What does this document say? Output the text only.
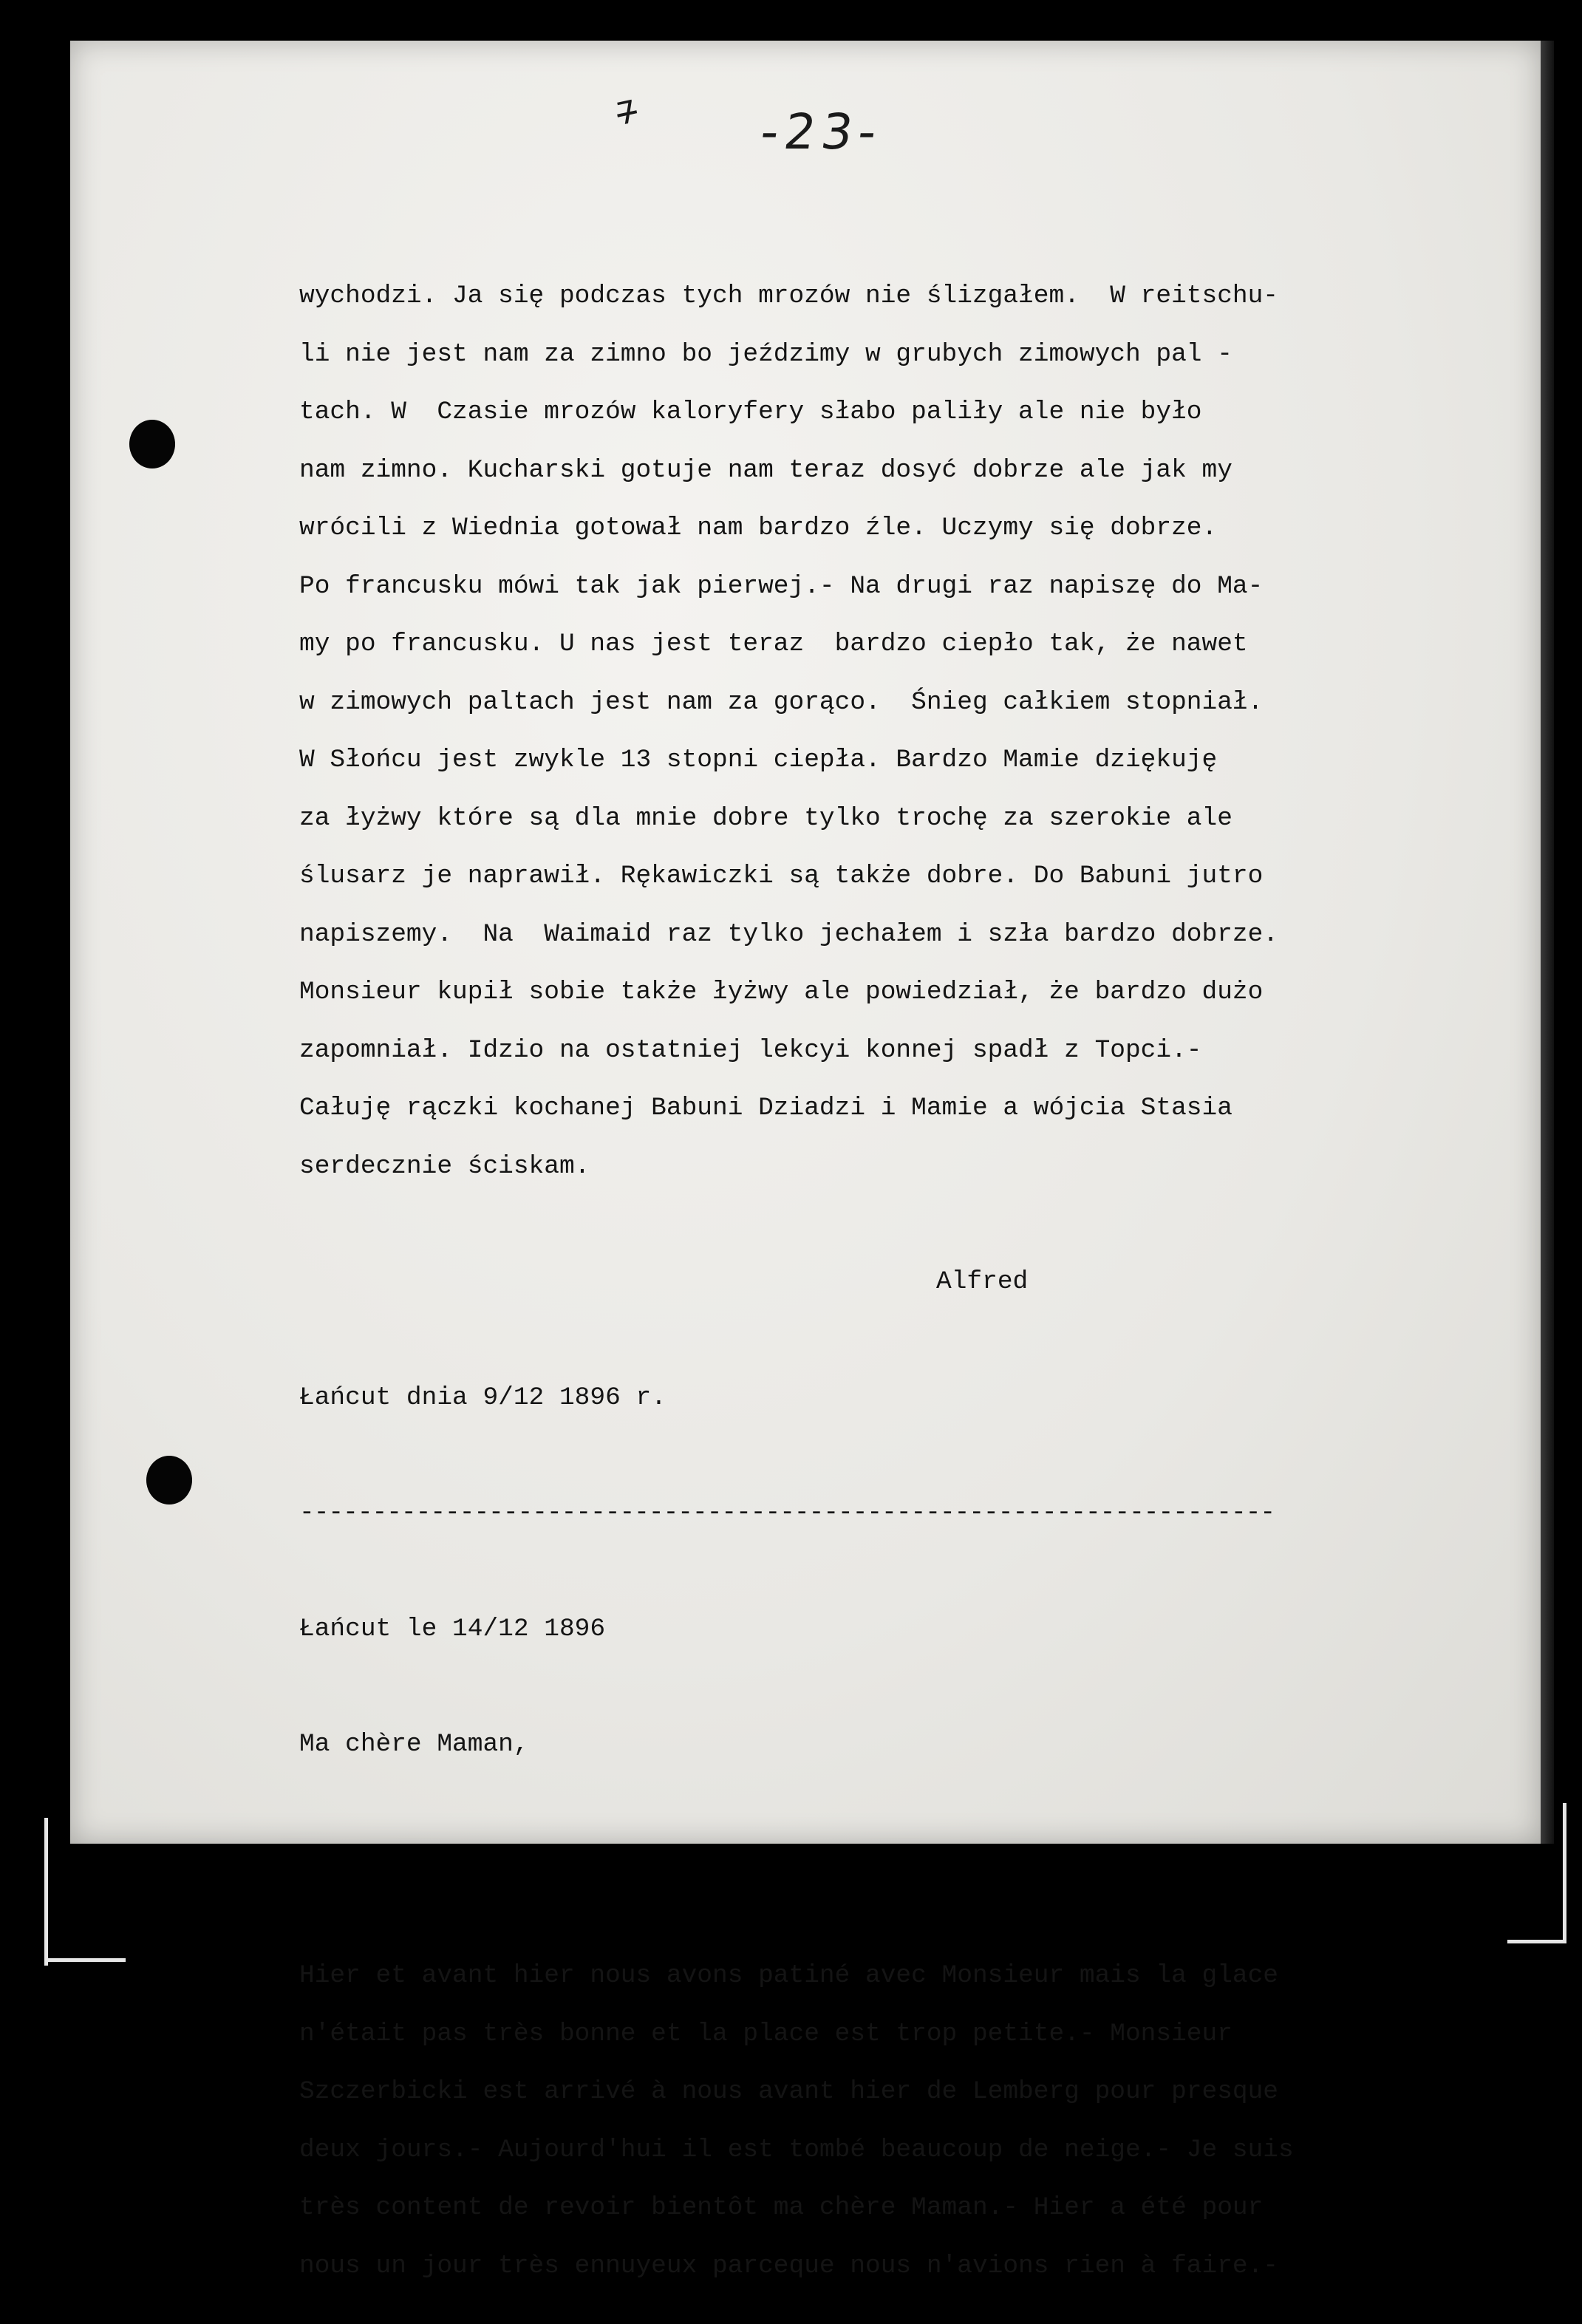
7 -23-

wychodzi. Ja się podczas tych mrozów nie ślizgałem.  W reitschu-
li nie jest nam za zimno bo jeździmy w grubych zimowych pal -
tach. W  Czasie mrozów kaloryfery słabo paliły ale nie było
nam zimno. Kucharski gotuje nam teraz dosyć dobrze ale jak my
wrócili z Wiednia gotował nam bardzo źle. Uczymy się dobrze.
Po francusku mówi tak jak pierwej.- Na drugi raz napiszę do Ma-
my po francusku. U nas jest teraz  bardzo ciepło tak, że nawet
w zimowych paltach jest nam za gorąco.  Śnieg całkiem stopniał.
W Słońcu jest zwykle 13 stopni ciepła. Bardzo Mamie dziękuję
za łyżwy które są dla mnie dobre tylko trochę za szerokie ale
ślusarz je naprawił. Rękawiczki są także dobre. Do Babuni jutro
napiszemy.  Na  Waimaid raz tylko jechałem i szła bardzo dobrze.
Monsieur kupił sobie także łyżwy ale powiedział, że bardzo dużo
zapomniał. Idzio na ostatniej lekcyi konnej spadł z Topci.-
Całuję rączki kochanej Babuni Dziadzi i Mamie a wójcia Stasia
serdecznie ściskam.

Alfred

Łańcut dnia 9/12 1896 r.

-------------------------------------------------------------------

Łańcut le 14/12 1896

Ma chère Maman,

Hier et avant hier nous avons patiné avec Monsieur mais la glace
n'était pas très bonne et la place est trop petite.- Monsieur
Szczerbicki est arrivé à nous avant hier de Lemberg pour presque
deux jours.- Aujourd'hui il est tombé beaucoup de neige.- Je suis
très content de revoir bientôt ma chère Maman.- Hier a été pour
nous un jour très ennuyeux parceque nous n'avions rien à faire.-
